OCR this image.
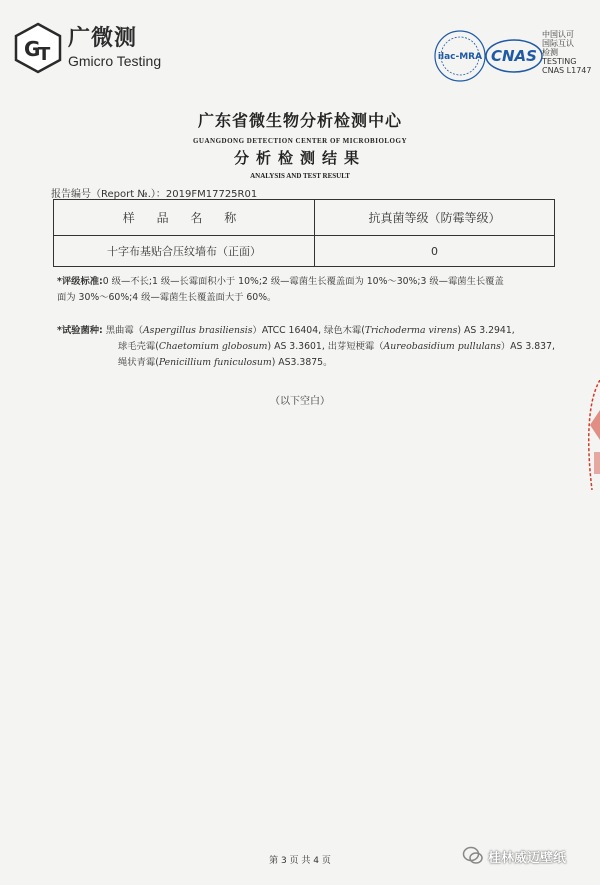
G
T
广微测
Gmicro Testing	ilac-MRA CNAS
中国认可
国际互认
检测
TESTING
CNAS L1747
广东省微生物分析检测中心
GUANGDONG DETECTION CENTER OF MICROBIOLOGY
分析检测结果
ANALYSIS AND TEST RESULT
报告编号（Report №.）：2019FM17725R01
样 品 名 称	抗真菌等级（防霉等级）
十字布基贴合压纹墙布（正面）	0
*评级标准:0 级—不长;1 级—长霉面积小于 10%;2 级—霉菌生长覆盖面为 10%～30%;3 级—霉菌生长覆盖
面为 30%～60%;4 级—霉菌生长覆盖面大于 60%。
*试验菌种: 黑曲霉（Aspergillus brasiliensis）ATCC 16404, 绿色木霉(Trichoderma virens) AS 3.2941,
球毛壳霉(Chaetomium globosum) AS 3.3601, 出芽短梗霉（Aureobasidium pullulans）AS 3.837,
绳状青霉(Penicillium funiculosum) AS3.3875。
（以下空白）
第 3 页 共 4 页	桂林威迈壁纸
